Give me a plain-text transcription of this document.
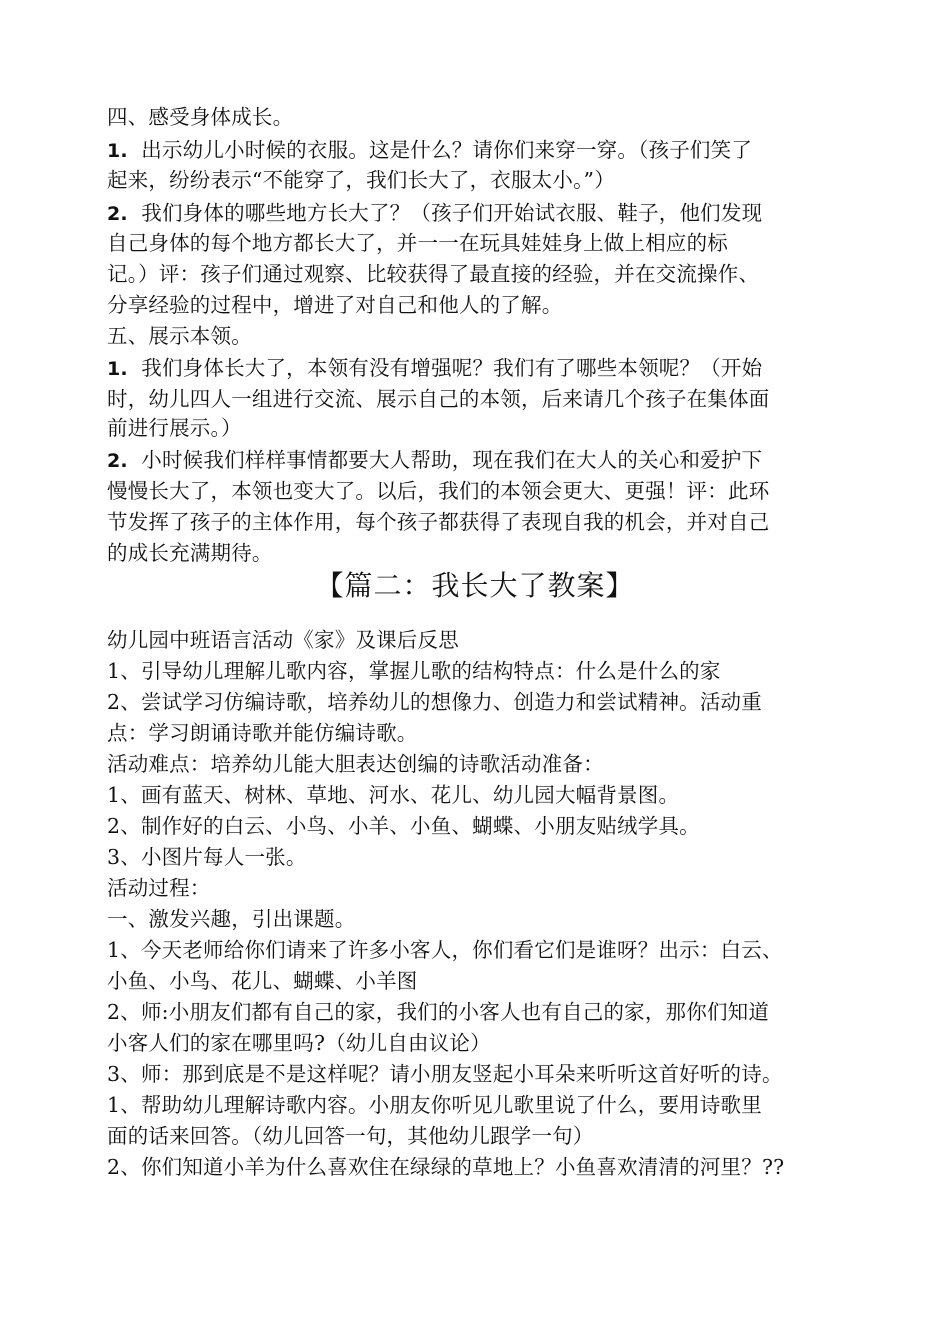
四、感受身体成长。
1. 出示幼儿小时候的衣服。这是什么？请你们来穿一穿。（孩子们笑了
起来，纷纷表示“不能穿了，我们长大了，衣服太小。”）
2. 我们身体的哪些地方长大了？（孩子们开始试衣服、鞋子，他们发现
自己身体的每个地方都长大了，并一一在玩具娃娃身上做上相应的标
记。）评：孩子们通过观察、比较获得了最直接的经验，并在交流操作、
分享经验的过程中，增进了对自己和他人的了解。
五、展示本领。
1. 我们身体长大了，本领有没有增强呢？我们有了哪些本领呢？（开始
时，幼儿四人一组进行交流、展示自己的本领，后来请几个孩子在集体面
前进行展示。）
2. 小时候我们样样事情都要大人帮助，现在我们在大人的关心和爱护下
慢慢长大了，本领也变大了。以后，我们的本领会更大、更强！评：此环
节发挥了孩子的主体作用，每个孩子都获得了表现自我的机会，并对自己
的成长充满期待。
【篇二：我长大了教案】
幼儿园中班语言活动《家》及课后反思
1、引导幼儿理解儿歌内容，掌握儿歌的结构特点：什么是什么的家
2、尝试学习仿编诗歌，培养幼儿的想像力、创造力和尝试精神。活动重
点：学习朗诵诗歌并能仿编诗歌。
活动难点：培养幼儿能大胆表达创编的诗歌活动准备：
1、画有蓝天、树林、草地、河水、花儿、幼儿园大幅背景图。
2、制作好的白云、小鸟、小羊、小鱼、蝴蝶、小朋友贴绒学具。
3、小图片每人一张。
活动过程：
一、激发兴趣，引出课题。
1、今天老师给你们请来了许多小客人，你们看它们是谁呀？出示：白云、
小鱼、小鸟、花儿、蝴蝶、小羊图
2、师:小朋友们都有自己的家，我们的小客人也有自己的家，那你们知道
小客人们的家在哪里吗?（幼儿自由议论）
3、师：那到底是不是这样呢？请小朋友竖起小耳朵来听听这首好听的诗。
1、帮助幼儿理解诗歌内容。小朋友你听见儿歌里说了什么，要用诗歌里
面的话来回答。（幼儿回答一句，其他幼儿跟学一句）
2、你们知道小羊为什么喜欢住在绿绿的草地上？小鱼喜欢清清的河里？??
